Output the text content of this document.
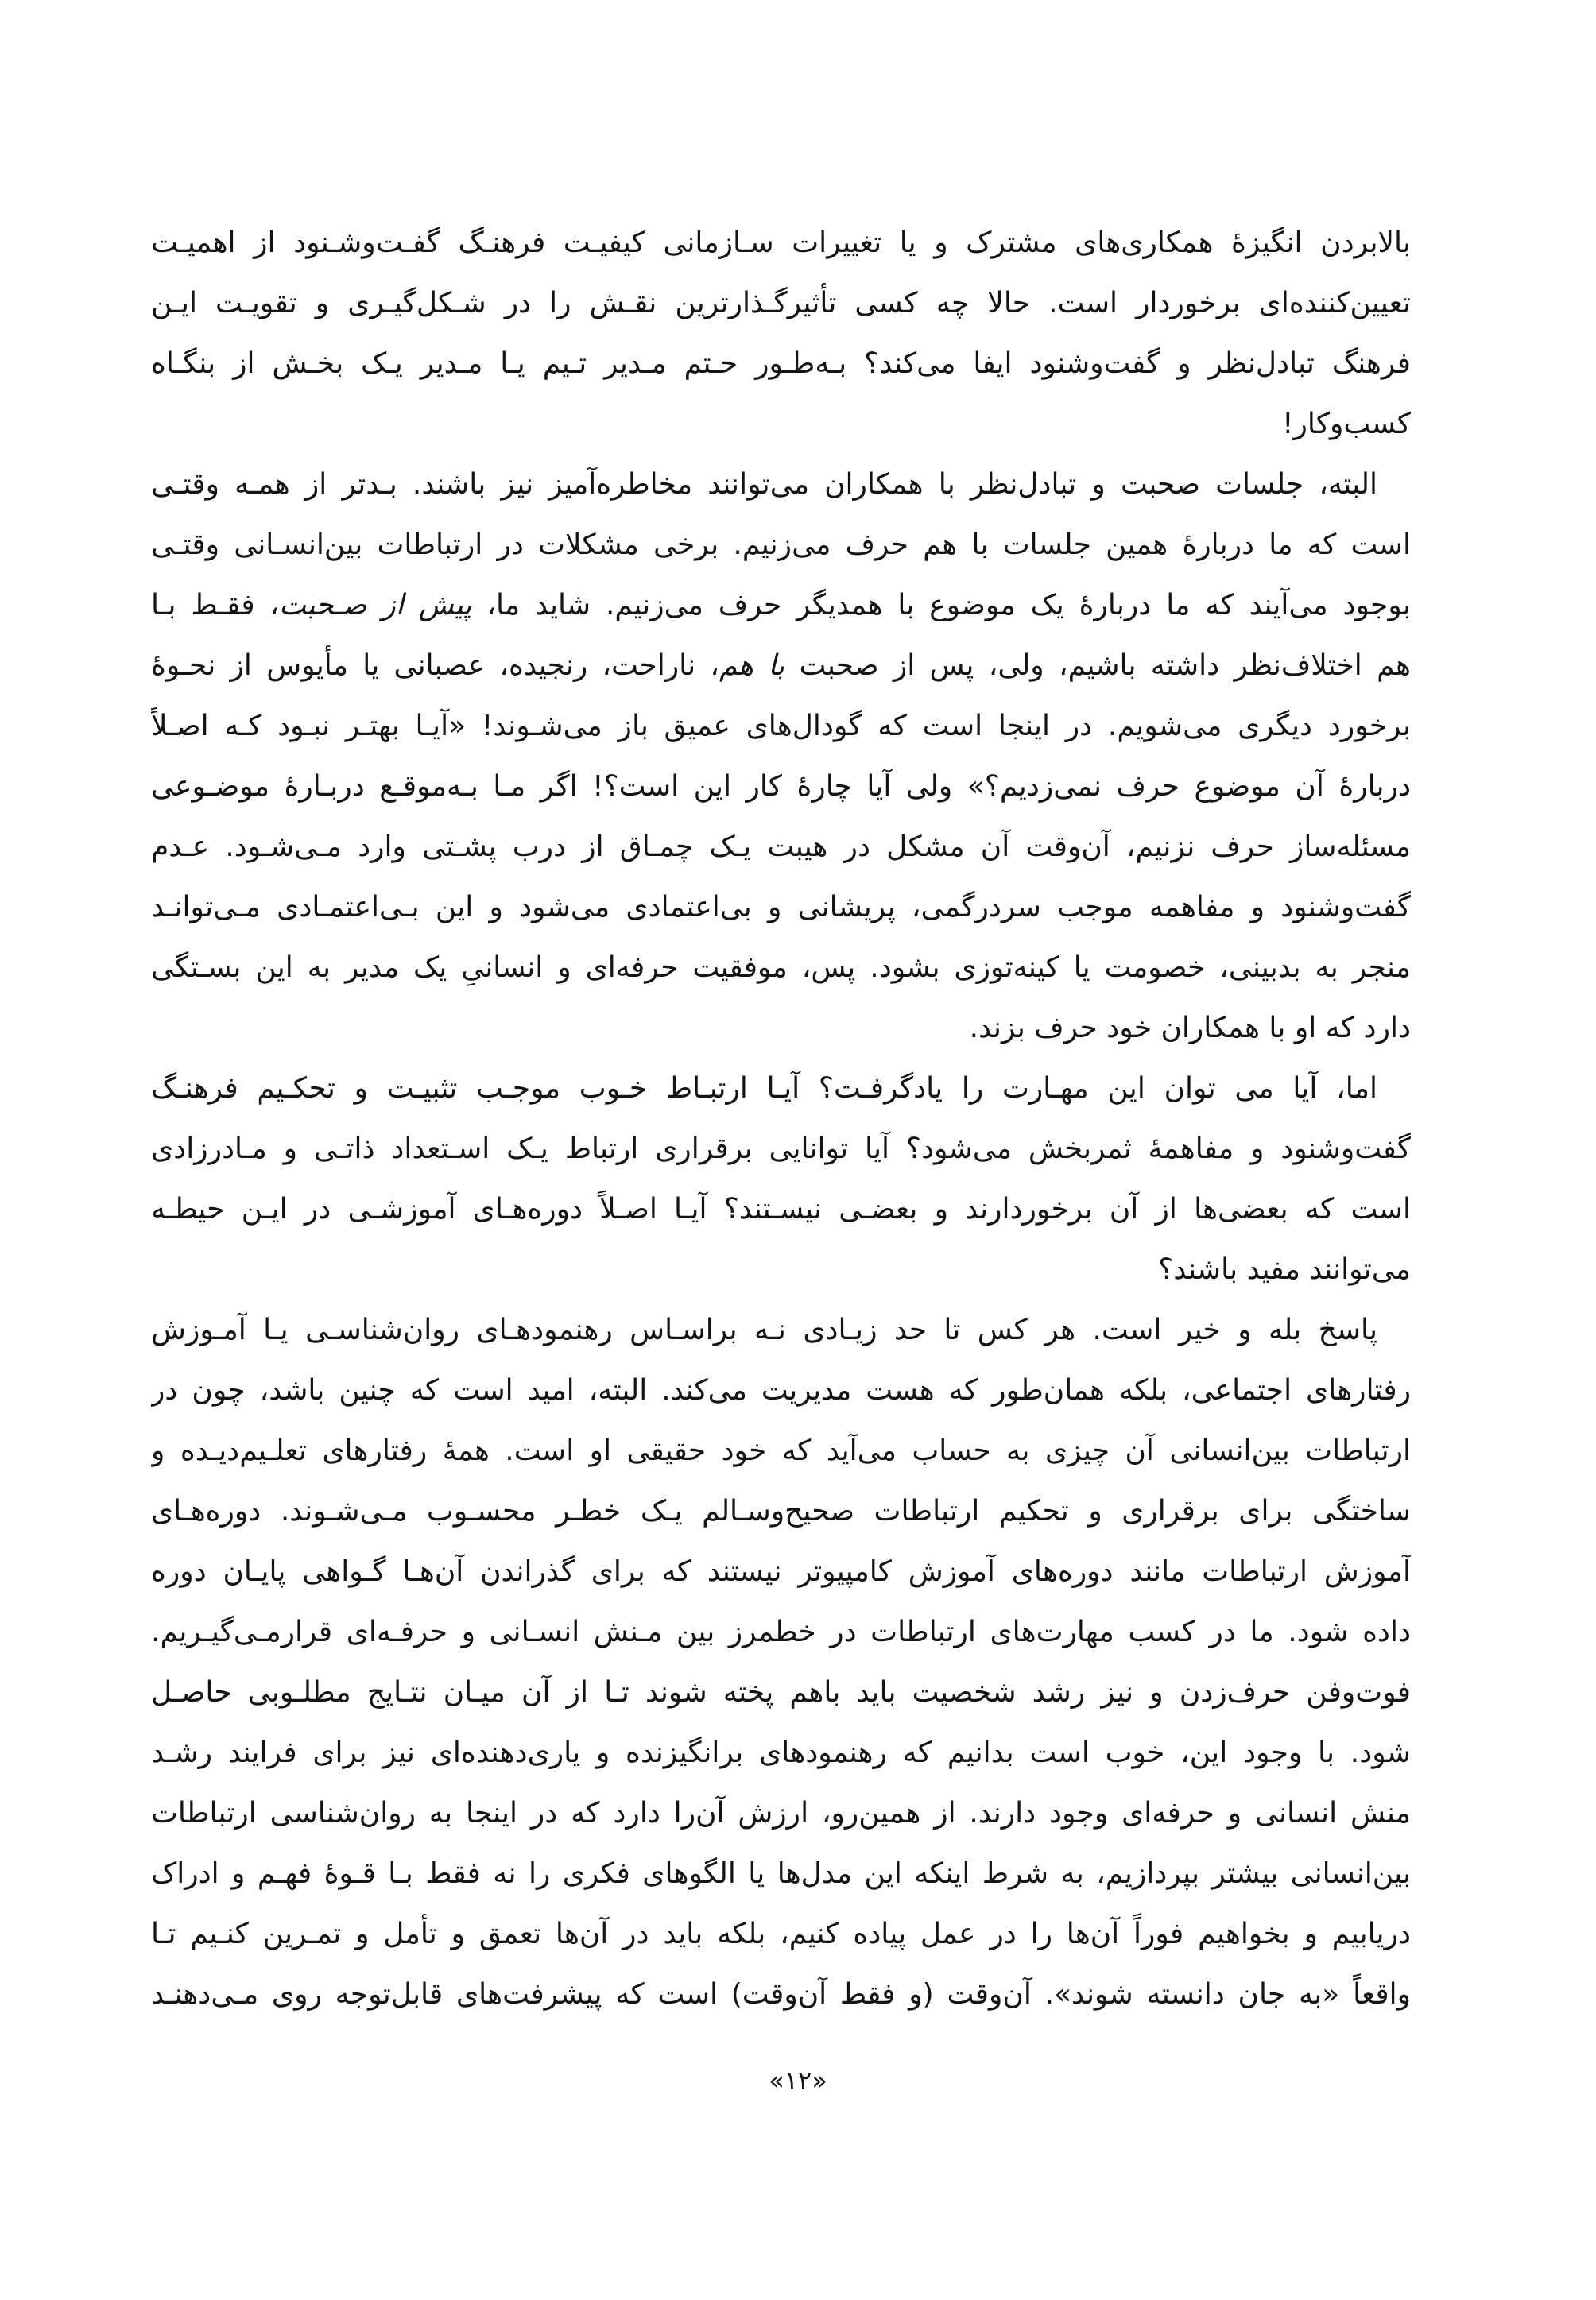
بالابردن انگیزهٔ همکاری‌های مشترک و یا تغییرات سـازمانی کیفیـت فرهنـگ گفـت‌وشـنود از اهمیـت
تعیین‌کننده‌ای برخوردار است. حالا چه کسی تأثیرگـذارترین نقـش را در شـکل‌گیـری و تقویـت ایـن
فرهنگ تبادل‌نظر و گفت‌وشنود ایفا می‌کند؟ بـه‌طـور حـتم مـدیر تـیم یـا مـدیر یـک بخـش از بنگـاه
کسب‌وکار!
البته، جلسات صحبت و تبادل‌نظر با همکاران می‌توانند مخاطره‌آمیز نیز باشند. بـدتر از همـه وقتـی
است که ما دربارهٔ همین جلسات با هم حرف می‌زنیم. برخی مشکلات در ارتباطات بین‌انسـانی وقتـی
بوجود می‌آیند که ما دربارهٔ یک موضوع با همدیگر حرف می‌زنیم. شاید ما، پیش از صـحبت، فقـط بـا
هم اختلاف‌نظر داشته باشیم، ولی، پس از صحبت با هم، ناراحت، رنجیده، عصبانی یا مأیوس از نحـوهٔ
برخورد دیگری می‌شویم. در اینجا است که گودال‌های عمیق باز می‌شـوند! «آیـا بهتـر نبـود کـه اصـلاً
دربارهٔ آن موضوع حرف نمی‌زدیم؟» ولی آیا چارهٔ کار این است؟! اگر مـا بـه‌موقـع دربـارهٔ موضـوعی
مسئله‌ساز حرف نزنیم، آن‌وقت آن مشکل در هیبت یـک چمـاق از درب پشـتی وارد مـی‌شـود. عـدم
گفت‌وشنود و مفاهمه موجب سردرگمی، پریشانی و بی‌اعتمادی می‌شود و این بـی‌اعتمـادی مـی‌توانـد
منجر به بدبینی، خصومت یا کینه‌توزی بشود. پس، موفقیت حرفه‌ای و انسانیِ یک مدیر به این بسـتگی
دارد که او با همکاران خود حرف بزند.
اما، آیا می توان این مهـارت را یادگرفـت؟ آیـا ارتبـاط خـوب موجـب تثبیـت و تحکـیم فرهنـگ
گفت‌وشنود و مفاهمهٔ ثمربخش می‌شود؟ آیا توانایی برقراری ارتباط یـک اسـتعداد ذاتـی و مـادرزادی
است که بعضی‌ها از آن برخوردارند و بعضـی نیسـتند؟ آیـا اصـلاً دوره‌هـای آموزشـی در ایـن حیطـه
می‌توانند مفید باشند؟
پاسخ بله و خیر است. هر کس تا حد زیـادی نـه براسـاس رهنمودهـای روان‌شناسـی یـا آمـوزش
رفتارهای اجتماعی، بلکه همان‌طور که هست مدیریت می‌کند. البته، امید است که چنین باشد، چون در
ارتباطات بین‌انسانی آن چیزی به حساب می‌آید که خود حقیقی او است. همهٔ رفتارهای تعلـیم‌دیـده و
ساختگی برای برقراری و تحکیم ارتباطات صحیح‌وسـالم یـک خطـر محسـوب مـی‌شـوند. دوره‌هـای
آموزش ارتباطات مانند دوره‌های آموزش کامپیوتر نیستند که برای گذراندن آن‌هـا گـواهی پایـان دوره
داده شود. ما در کسب مهارت‌های ارتباطات در خطمرز بین مـنش انسـانی و حرفـه‌ای قرارمـی‌گیـریم.
فوت‌وفن حرف‌زدن و نیز رشد شخصیت باید باهم پخته شوند تـا از آن میـان نتـایج مطلـوبی حاصـل
شود. با وجود این، خوب است بدانیم که رهنمودهای برانگیزنده و یاری‌دهنده‌ای نیز برای فرایند رشـد
منش انسانی و حرفه‌ای وجود دارند. از همین‌رو، ارزش آن‌را دارد که در اینجا به روان‌شناسی ارتباطات
بین‌انسانی بیشتر بپردازیم، به شرط اینکه این مدل‌ها یا الگوهای فکری را نه فقط بـا قـوهٔ فهـم و ادراک
دریابیم و بخواهیم فوراً آن‌ها را در عمل پیاده کنیم، بلکه باید در آن‌ها تعمق و تأمل و تمـرین کنـیم تـا
واقعاً «به جان دانسته شوند». آن‌وقت (و فقط آن‌وقت) است که پیشرفت‌های قابل‌توجه روی مـی‌دهنـد
«۱۲»
